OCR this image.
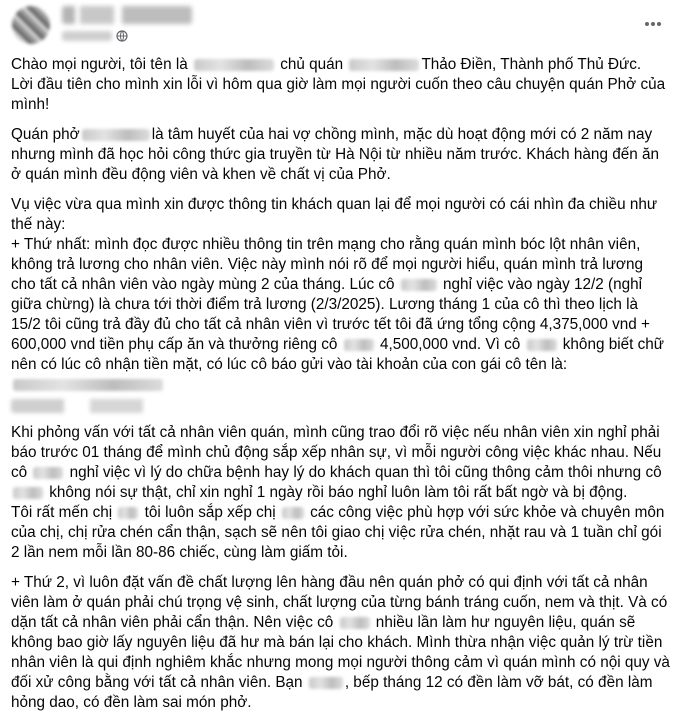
Chào mọi người, tôi tên là	chủ quán	Thảo Điền, Thành phố Thủ Đức.
Lời đầu tiên cho mình xin lỗi vì hôm qua giờ làm mọi người cuốn theo câu chuyện quán Phở của mình!

Quán phở	là tâm huyết của hai vợ chồng mình, mặc dù hoạt động mới có 2 năm nay nhưng mình đã học hỏi công thức gia truyền từ Hà Nội từ nhiều năm trước. Khách hàng đến ăn ở quán mình đều động viên và khen về chất vị của Phở.

Vụ việc vừa qua mình xin được thông tin khách quan lại để mọi người có cái nhìn đa chiều như thế này:
+ Thứ nhất: mình đọc được nhiều thông tin trên mạng cho rằng quán mình bóc lột nhân viên, không trả lương cho nhân viên. Việc này mình nói rõ để mọi người hiểu, quán mình trả lương cho tất cả nhân viên vào ngày mùng 2 của tháng. Lúc cô	nghỉ việc vào ngày 12/2 (nghỉ giữa chừng) là chưa tới thời điểm trả lương (2/3/2025). Lương tháng 1 của cô thì theo lịch là 15/2 tôi cũng trả đầy đủ cho tất cả nhân viên vì trước tết tôi đã ứng tổng cộng 4,375,000 vnd + 600,000 vnd tiền phụ cấp ăn và thưởng riêng cô  4,500,000 vnd. Vì cô  không biết chữ nên có lúc cô nhận tiền mặt, có lúc cô báo gửi vào tài khoản của con gái cô tên là:

Khi phỏng vấn với tất cả nhân viên quán, mình cũng trao đổi rõ việc nếu nhân viên xin nghỉ phải báo trước 01 tháng để mình chủ động sắp xếp nhân sự, vì mỗi người công việc khác nhau. Nếu cô  nghỉ việc vì lý do chữa bệnh hay lý do khách quan thì tôi cũng thông cảm thôi nhưng cô  không nói sự thật, chỉ xin nghỉ 1 ngày rồi báo nghỉ luôn làm tôi rất bất ngờ và bị động.
Tôi rất mến chị  tôi luôn sắp xếp chị  các công việc phù hợp với sức khỏe và chuyên môn của chị, chị rửa chén cẩn thận, sạch sẽ nên tôi giao chị việc rửa chén, nhặt rau và 1 tuần chỉ gói 2 lần nem mỗi lần 80-86 chiếc, cùng làm giấm tỏi.

+ Thứ 2, vì luôn đặt vấn đề chất lượng lên hàng đầu nên quán phở có qui định với tất cả nhân viên làm ở quán phải chú trọng vệ sinh, chất lượng của từng bánh tráng cuốn, nem và thịt. Và có dặn tất cả nhân viên phải cẩn thận. Nên việc cô  nhiều lần làm hư nguyên liệu, quán sẽ không bao giờ lấy nguyên liệu đã hư mà bán lại cho khách. Mình thừa nhận việc quản lý trừ tiền nhân viên là qui định nghiêm khắc nhưng mong mọi người thông cảm vì quán mình có nội quy và đối xử công bằng với tất cả nhân viên. Bạn , bếp tháng 12 có đền làm vỡ bát, có đền làm hỏng dao, có đền làm sai món phở.
